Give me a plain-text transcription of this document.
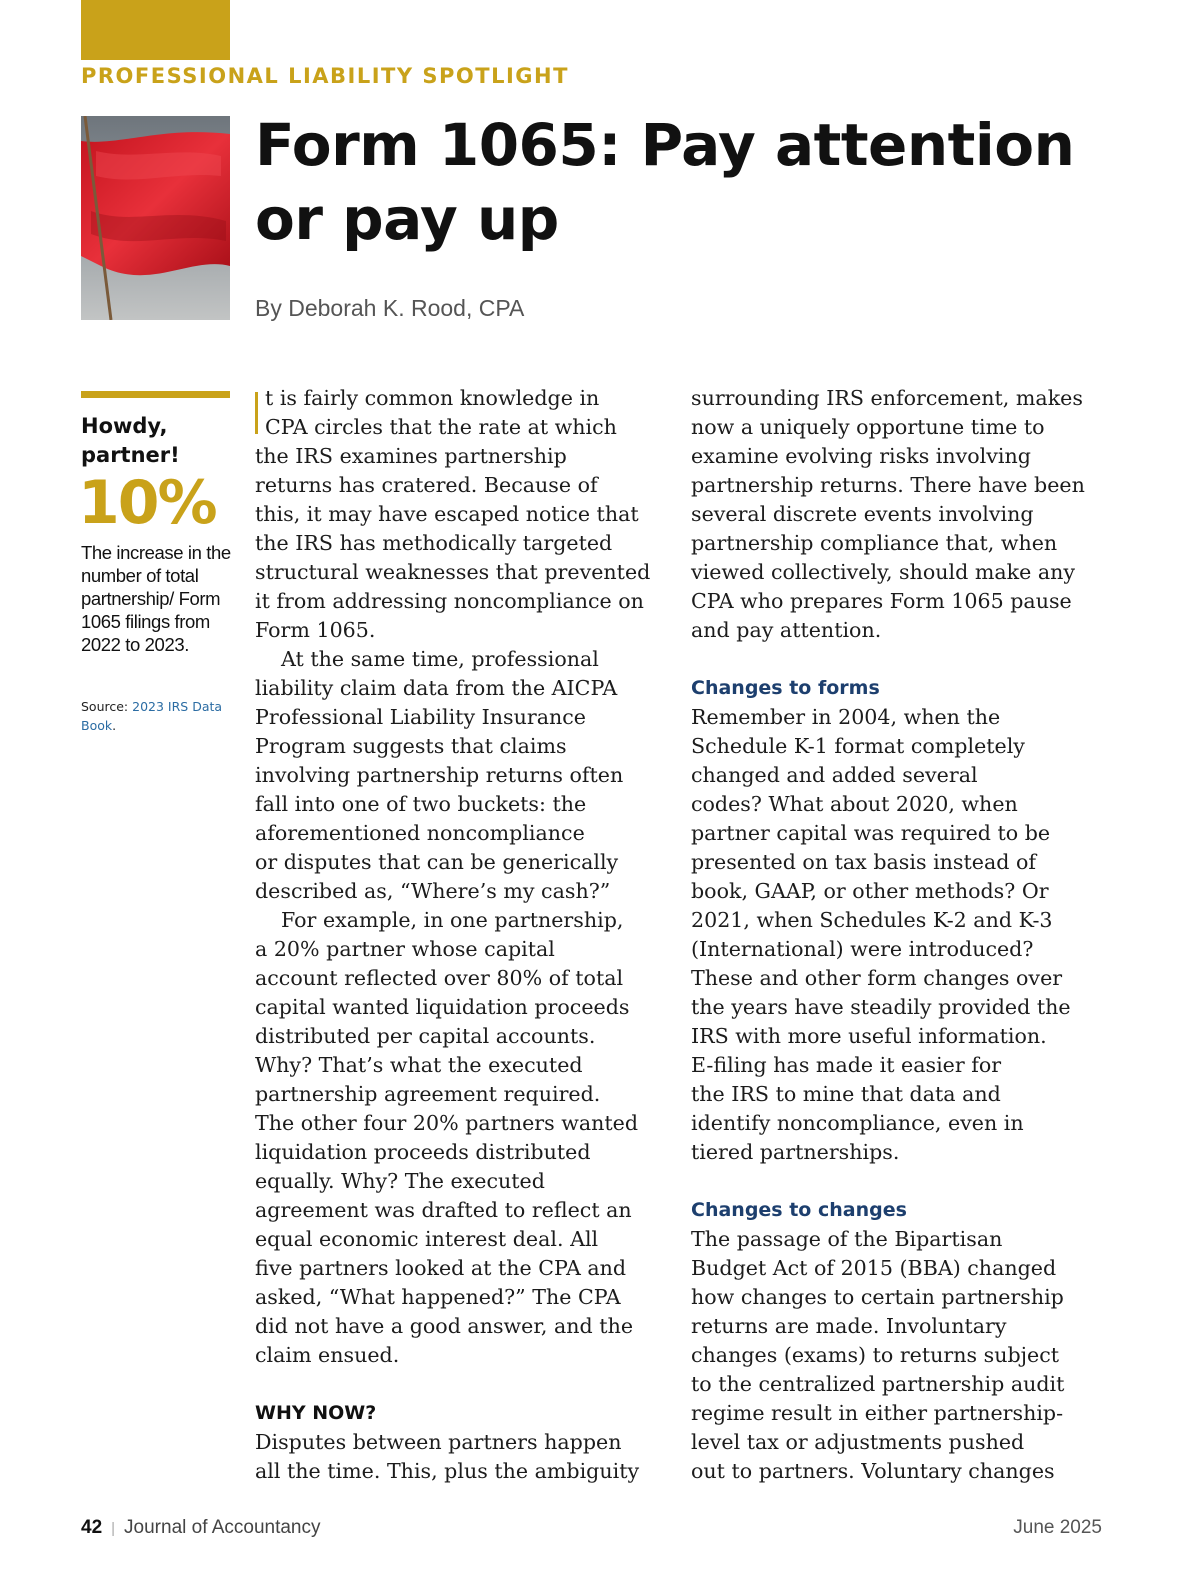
PROFESSIONAL LIABILITY SPOTLIGHT
Form 1065: Pay attention
or pay up
By Deborah K. Rood, CPA
Howdy,
partner!
10%
The increase in the number of total partnership/ Form 1065 filings from 2022 to 2023.
Source: 2023 IRS Data Book.
t is fairly common knowledge in
CPA circles that the rate at which
the IRS examines partnership
returns has cratered. Because of
this, it may have escaped notice that
the IRS has methodically targeted
structural weaknesses that prevented
it from addressing noncompliance on
Form 1065.
At the same time, professional
liability claim data from the AICPA
Professional Liability Insurance
Program suggests that claims
involving partnership returns often
fall into one of two buckets: the
aforementioned noncompliance
or disputes that can be generically
described as, “Where’s my cash?”
For example, in one partnership,
a 20% partner whose capital
account reflected over 80% of total
capital wanted liquidation proceeds
distributed per capital accounts.
Why? That’s what the executed
partnership agreement required.
The other four 20% partners wanted
liquidation proceeds distributed
equally. Why? The executed
agreement was drafted to reflect an
equal economic interest deal. All
five partners looked at the CPA and
asked, “What happened?” The CPA
did not have a good answer, and the
claim ensued.
WHY NOW?
Disputes between partners happen
all the time. This, plus the ambiguity
surrounding IRS enforcement, makes
now a uniquely opportune time to
examine evolving risks involving
partnership returns. There have been
several discrete events involving
partnership compliance that, when
viewed collectively, should make any
CPA who prepares Form 1065 pause
and pay attention.
Changes to forms
Remember in 2004, when the
Schedule K-1 format completely
changed and added several
codes? What about 2020, when
partner capital was required to be
presented on tax basis instead of
book, GAAP, or other methods? Or
2021, when Schedules K-2 and K-3
(International) were introduced?
These and other form changes over
the years have steadily provided the
IRS with more useful information.
E-filing has made it easier for
the IRS to mine that data and
identify noncompliance, even in
tiered partnerships.
Changes to changes
The passage of the Bipartisan
Budget Act of 2015 (BBA) changed
how changes to certain partnership
returns are made. Involuntary
changes (exams) to returns subject
to the centralized partnership audit
regime result in either partnership-
level tax or adjustments pushed
out to partners. Voluntary changes
42 | Journal of Accountancy	June 2025
